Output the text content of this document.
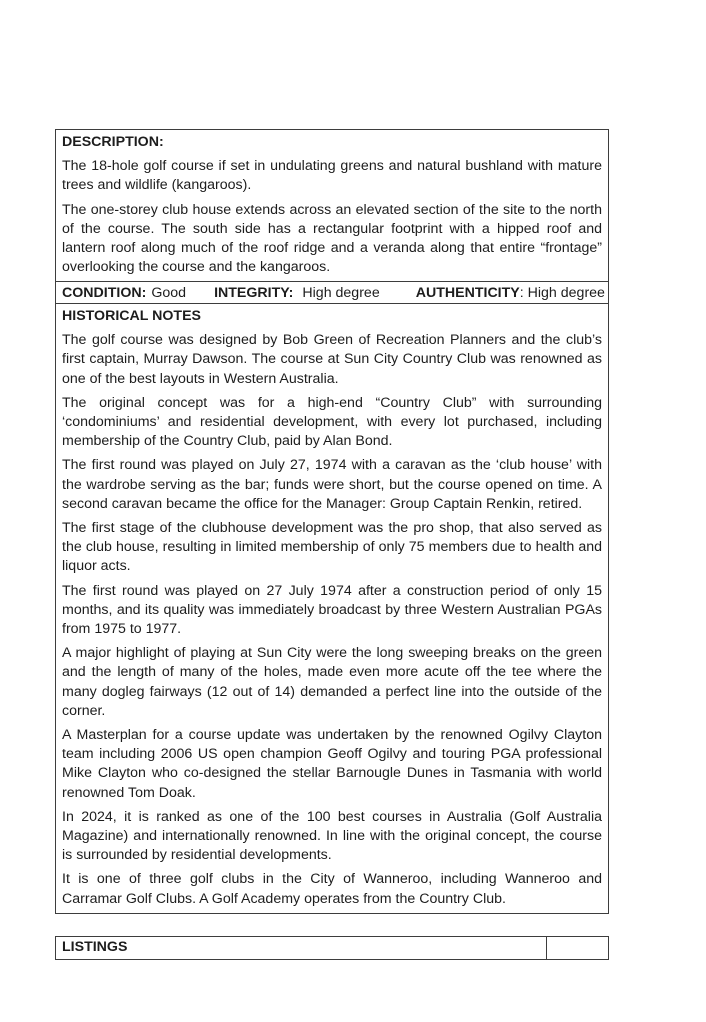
DESCRIPTION:

The 18-hole golf course if set in undulating greens and natural bushland with mature trees and wildlife (kangaroos).

The one-storey club house extends across an elevated section of the site to the north of the course. The south side has a rectangular footprint with a hipped roof and lantern roof along much of the roof ridge and a veranda along that entire “frontage” overlooking the course and the kangaroos.

CONDITION: Good INTEGRITY: High degree	AUTHENTICITY : High degree

HISTORICAL NOTES

The golf course was designed by Bob Green of Recreation Planners and the club’s first captain, Murray Dawson. The course at Sun City Country Club was renowned as one of the best layouts in Western Australia.

The original concept was for a high-end “Country Club” with surrounding ‘condominiums’ and residential development, with every lot purchased, including membership of the Country Club, paid by Alan Bond.

The first round was played on July 27, 1974 with a caravan as the ‘club house’ with the wardrobe serving as the bar; funds were short, but the course opened on time. A second caravan became the office for the Manager: Group Captain Renkin, retired.

The first stage of the clubhouse development was the pro shop, that also served as the club house, resulting in limited membership of only 75 members due to health and liquor acts.

The first round was played on 27 July 1974 after a construction period of only 15 months, and its quality was immediately broadcast by three Western Australian PGAs from 1975 to 1977.

A major highlight of playing at Sun City were the long sweeping breaks on the green and the length of many of the holes, made even more acute off the tee where the many dogleg fairways (12 out of 14) demanded a perfect line into the outside of the corner.

A Masterplan for a course update was undertaken by the renowned Ogilvy Clayton team including 2006 US open champion Geoff Ogilvy and touring PGA professional Mike Clayton who co-designed the stellar Barnougle Dunes in Tasmania with world renowned Tom Doak.

In 2024, it is ranked as one of the 100 best courses in Australia (Golf Australia Magazine) and internationally renowned. In line with the original concept, the course is surrounded by residential developments.

It is one of three golf clubs in the City of Wanneroo, including Wanneroo and Carramar Golf Clubs. A Golf Academy operates from the Country Club.

LISTINGS
